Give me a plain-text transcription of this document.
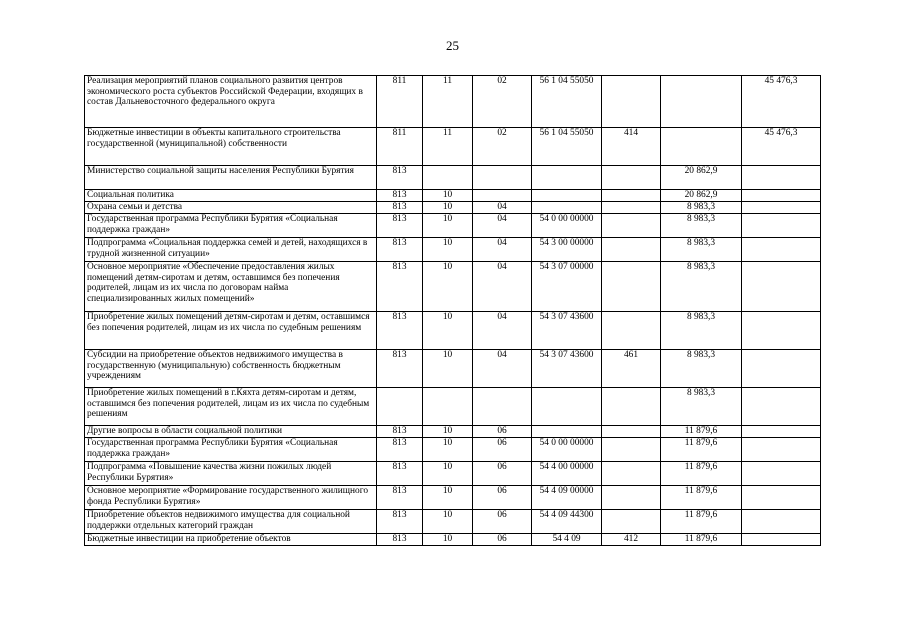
25
Реализация мероприятий планов социального развития центров экономического роста субъектов Российской Федерации, входящих в состав Дальневосточного федерального округа	811	11	02	56 1 04 55050			45 476,3
Бюджетные инвестиции в объекты капитального строительства государственной (муниципальной) собственности	811	11	02	56 1 04 55050	414		45 476,3
Министерство социальной защиты населения Республики Бурятия	813					20 862,9	
Социальная политика	813	10				20 862,9	
Охрана семьи и детства	813	10	04			8 983,3	
Государственная программа Республики Бурятия «Социальная поддержка граждан»	813	10	04	54 0 00 00000		8 983,3	
Подпрограмма «Социальная поддержка семей и детей, находящихся в трудной жизненной ситуации»	813	10	04	54 3 00 00000		8 983,3	
Основное мероприятие «Обеспечение предоставления жилых помещений детям-сиротам и детям, оставшимся без попечения родителей, лицам из их числа по договорам найма специализированных жилых помещений»	813	10	04	54 3 07 00000		8 983,3	
Приобретение жилых помещений детям-сиротам и детям, оставшимся без попечения родителей, лицам из их числа по судебным решениям	813	10	04	54 3 07 43600		8 983,3	
Субсидии на приобретение объектов недвижимого имущества в государственную (муниципальную) собственность бюджетным учреждениям	813	10	04	54 3 07 43600	461	8 983,3	
Приобретение жилых помещений в г.Кяхта детям-сиротам и детям, оставшимся без попечения родителей, лицам из их числа по судебным решениям						8 983,3	
Другие вопросы в области социальной политики	813	10	06			11 879,6	
Государственная программа Республики Бурятия «Социальная поддержка граждан»	813	10	06	54 0 00 00000		11 879,6	
Подпрограмма «Повышение качества жизни пожилых людей Республики Бурятия»	813	10	06	54 4 00 00000		11 879,6	
Основное мероприятие «Формирование государственного жилищного фонда Республики Бурятия»	813	10	06	54 4 09 00000		11 879,6	
Приобретение объектов недвижимого имущества для социальной поддержки отдельных категорий граждан	813	10	06	54 4 09 44300		11 879,6	
Бюджетные инвестиции на приобретение объектов	813	10	06	54 4 09	412	11 879,6	
